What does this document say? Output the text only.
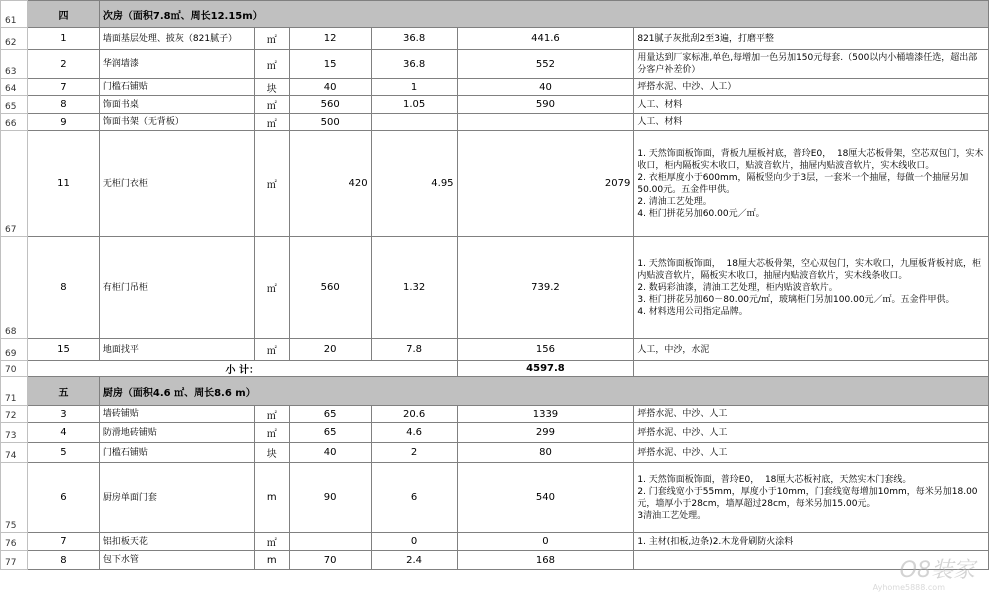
61	四	次房（面积7.8㎡、周长12.15m）					
62	1	墙面基层处理、披灰（821腻子）	㎡	12	36.8	441.6	821腻子灰批刮2至3遍，打磨平整
63	2	华润墙漆	㎡	15	36.8	552	用量达到厂家标准,单色,每增加一色另加150元每套.（500以内小桶墙漆任选，超出部分客户补差价）
64	7	门槛石铺贴	块	40	1	40	坪搭水泥、中沙、人工）
65	8	饰面书桌	㎡	560	1.05	590	人工、材料
66	9	饰面书架（无背板）	㎡	500			人工、材料
67	11	无柜门衣柜	㎡	420	4.95	2079	1. 天然饰面板饰面，背板九厘板衬底，普玲E0，  18厘大芯板骨架，空芯双包门，实木收口，柜内隔板实木收口，贴波音软片，抽屉内贴波音软片，实木线收口。
2. 衣柜厚度小于600mm，隔板竖向少于3层，一套米一个抽屉，每做一个抽屉另加50.00元。五金件甲供。
2. 清油工艺处理。
4. 柜门拼花另加60.00元／㎡。
68	8	有柜门吊柜	㎡	560	1.32	739.2	1. 天然饰面板饰面，  18厘大芯板骨架，空心双包门，实木收口，九厘板背板衬底，柜内贴波音软片，隔板实木收口，抽屉内贴波音软片，实木线条收口。
2. 数码彩油漆，清油工艺处理，柜内贴波音软片。
3. 柜门拼花另加60－80.00元/㎡，玻璃柜门另加100.00元／㎡。五金件甲供。
4. 材料选用公司指定品牌。
69	15	地面找平	㎡	20	7.8	156	人工，中沙，水泥
70	小 计：					4597.8	
71	五	厨房（面积4.6 ㎡、周长8.6 m）					
72	3	墙砖铺贴	㎡	65	20.6	1339	坪搭水泥、中沙、人工
73	4	防滑地砖铺贴	㎡	65	4.6	299	坪搭水泥、中沙、人工
74	5	门槛石铺贴	块	40	2	80	坪搭水泥、中沙、人工
75	6	厨房单面门套	m	90	6	540	1. 天然饰面板饰面，普玲E0，  18厘大芯板衬底，天然实木门套线。
2. 门套线宽小于55mm，厚度小于10mm，门套线宽每增加10mm，每米另加18.00元，墙厚小于28cm，墙厚超过28cm，每米另加15.00元。
3清油工艺处理。
76	7	铝扣板天花	㎡		0	0	1. 主材(扣板,边条)2.木龙骨刷防火涂料
77	8	包下水管	m	70	2.4	168		O8装家
Ayhome5888.com
